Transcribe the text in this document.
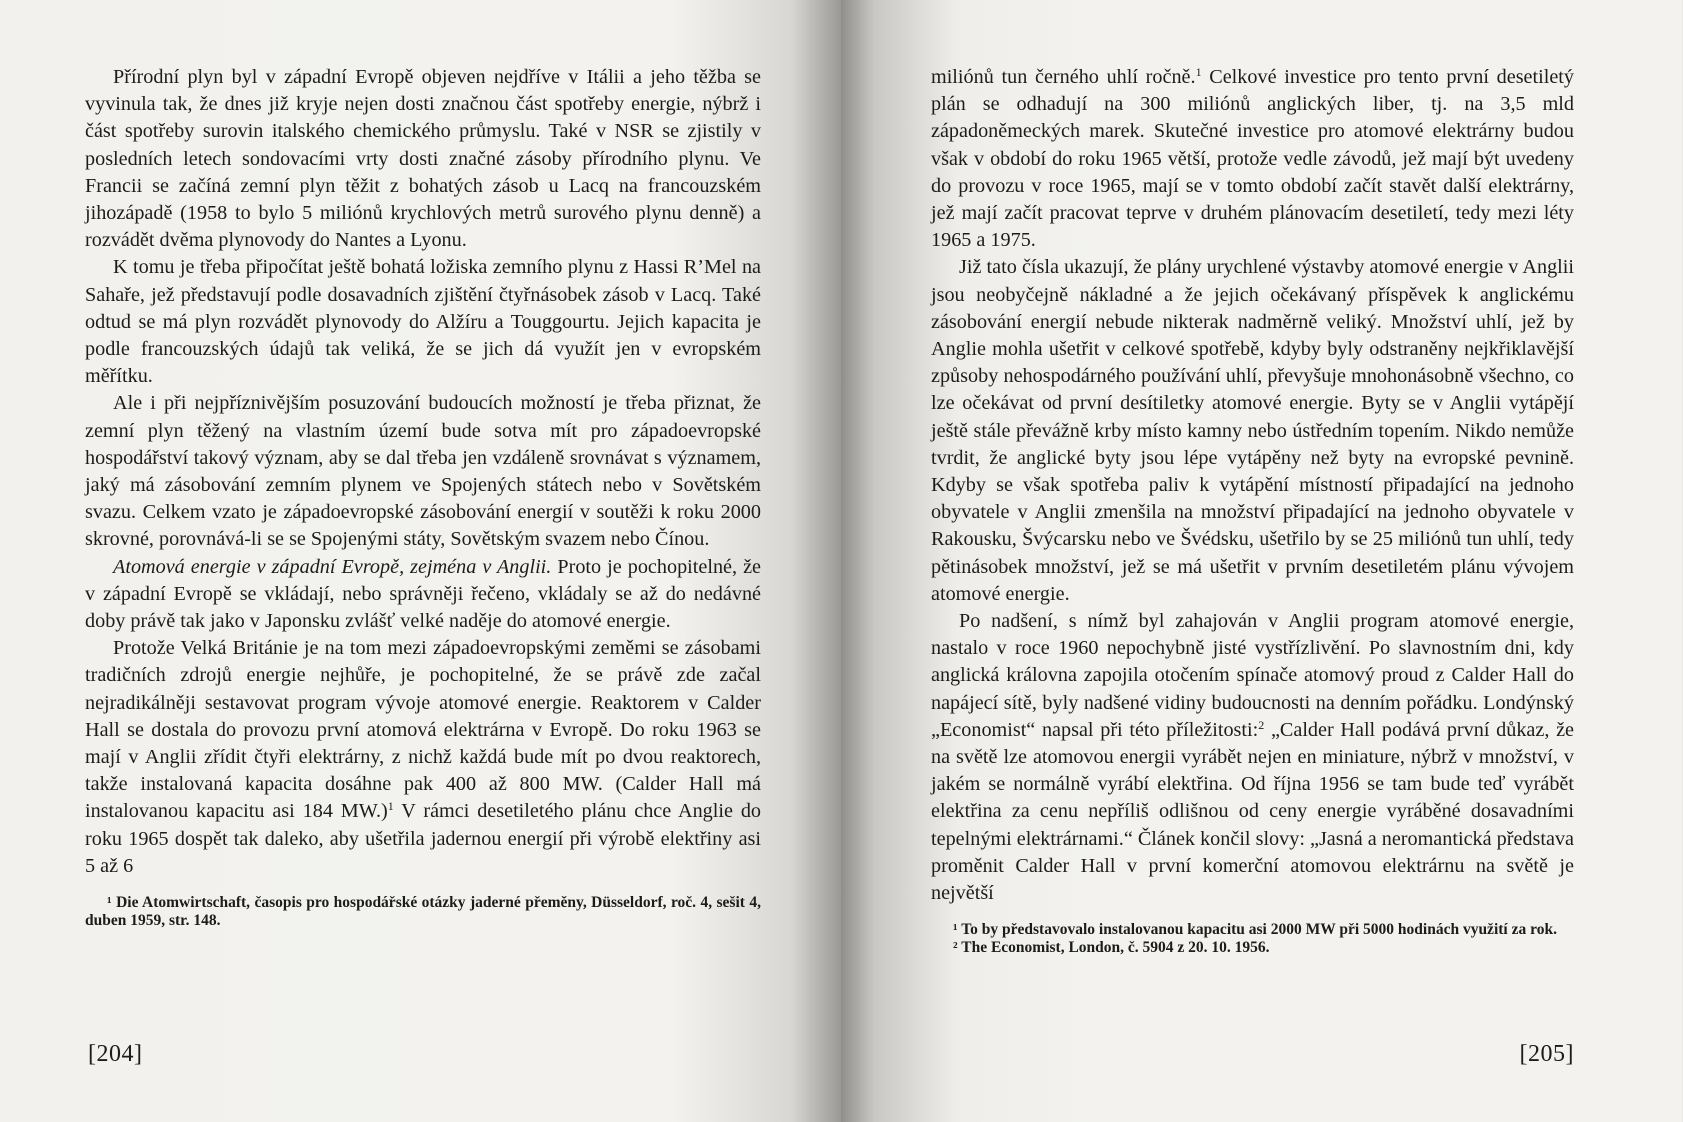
Přírodní plyn byl v západní Evropě objeven nejdříve v Itálii a jeho těžba se vyvinula tak, že dnes již kryje nejen dosti značnou část spotřeby energie, nýbrž i část spotřeby surovin italského chemického průmyslu. Také v NSR se zjistily v posledních letech sondovacími vrty dosti značné zásoby přírodního plynu. Ve Francii se začíná zemní plyn těžit z bohatých zásob u Lacq na francouzském jihozápadě (1958 to bylo 5 miliónů krychlových metrů surového plynu denně) a rozvádět dvěma plynovody do Nantes a Lyonu.

K tomu je třeba připočítat ještě bohatá ložiska zemního plynu z Hassi R’Mel na Sahaře, jež představují podle dosavadních zjištění čtyřnásobek zásob v Lacq. Také odtud se má plyn rozvádět plynovody do Alžíru a Touggourtu. Jejich kapacita je podle francouzských údajů tak veliká, že se jich dá využít jen v evropském měřítku.

Ale i při nejpříznivějším posuzování budoucích možností je třeba přiznat, že zemní plyn těžený na vlastním území bude sotva mít pro západoevropské hospodářství takový význam, aby se dal třeba jen vzdáleně srovnávat s významem, jaký má zásobování zemním plynem ve Spojených státech nebo v Sovětském svazu. Celkem vzato je západoevropské zásobování energií v soutěži k roku 2000 skrovné, porovnává-li se se Spojenými státy, Sovětským svazem nebo Čínou.

Atomová energie v západní Evropě, zejména v Anglii. Proto je pochopitelné, že v západní Evropě se vkládají, nebo správněji řečeno, vkládaly se až do nedávné doby právě tak jako v Japonsku zvlášť velké naděje do atomové energie.

Protože Velká Británie je na tom mezi západoevropskými zeměmi se zásobami tradičních zdrojů energie nejhůře, je pochopitelné, že se právě zde začal nejradikálněji sestavovat program vývoje atomové energie. Reaktorem v Calder Hall se dostala do provozu první atomová elektrárna v Evropě. Do roku 1963 se mají v Anglii zřídit čtyři elektrárny, z nichž každá bude mít po dvou reaktorech, takže instalovaná kapacita dosáhne pak 400 až 800 MW. (Calder Hall má instalovanou kapacitu asi 184 MW.)$^1$ V rámci desetiletého plánu chce Anglie do roku 1965 dospět tak daleko, aby ušetřila jadernou energií při výrobě elektřiny asi 5 až 6

¹ Die Atomwirtschaft, časopis pro hospodářské otázky jaderné přeměny, Düsseldorf, roč. 4, sešit 4, duben 1959, str. 148.

[204]

miliónů tun černého uhlí ročně.$^1$ Celkové investice pro tento první desetiletý plán se odhadují na 300 miliónů anglických liber, tj. na 3,5 mld západoněmeckých marek. Skutečné investice pro atomové elektrárny budou však v období do roku 1965 větší, protože vedle závodů, jež mají být uvedeny do provozu v roce 1965, mají se v tomto období začít stavět další elektrárny, jež mají začít pracovat teprve v druhém plánovacím desetiletí, tedy mezi léty 1965 a 1975.

Již tato čísla ukazují, že plány urychlené výstavby atomové energie v Anglii jsou neobyčejně nákladné a že jejich očekávaný příspěvek k anglickému zásobování energií nebude nikterak nadměrně veliký. Množství uhlí, jež by Anglie mohla ušetřit v celkové spotřebě, kdyby byly odstraněny nejkřiklavější způsoby nehospodárného používání uhlí, převyšuje mnohonásobně všechno, co lze očekávat od první desítiletky atomové energie. Byty se v Anglii vytápějí ještě stále převážně krby místo kamny nebo ústředním topením. Nikdo nemůže tvrdit, že anglické byty jsou lépe vytápěny než byty na evropské pevnině. Kdyby se však spotřeba paliv k vytápění místností připadající na jednoho obyvatele v Anglii zmenšila na množství připadající na jednoho obyvatele v Rakousku, Švýcarsku nebo ve Švédsku, ušetřilo by se 25 miliónů tun uhlí, tedy pětinásobek množství, jež se má ušetřit v prvním desetiletém plánu vývojem atomové energie.

Po nadšení, s nímž byl zahajován v Anglii program atomové energie, nastalo v roce 1960 nepochybně jisté vystřízlivění. Po slavnostním dni, kdy anglická královna zapojila otočením spínače atomový proud z Calder Hall do napájecí sítě, byly nadšené vidiny budoucnosti na denním pořádku. Londýnský „Economist“ napsal při této příležitosti:$^2$ „Calder Hall podává první důkaz, že na světě lze atomovou energii vyrábět nejen en miniature, nýbrž v množství, v jakém se normálně vyrábí elektřina. Od října 1956 se tam bude teď vyrábět elektřina za cenu nepříliš odlišnou od ceny energie vyráběné dosavadními tepelnými elektrárnami.“ Článek končil slovy: „Jasná a neromantická představa proměnit Calder Hall v první komerční atomovou elektrárnu na světě je největší

¹ To by představovalo instalovanou kapacitu asi 2000 MW při 5000 hodinách využití za rok.

² The Economist, London, č. 5904 z 20. 10. 1956.

[205]
